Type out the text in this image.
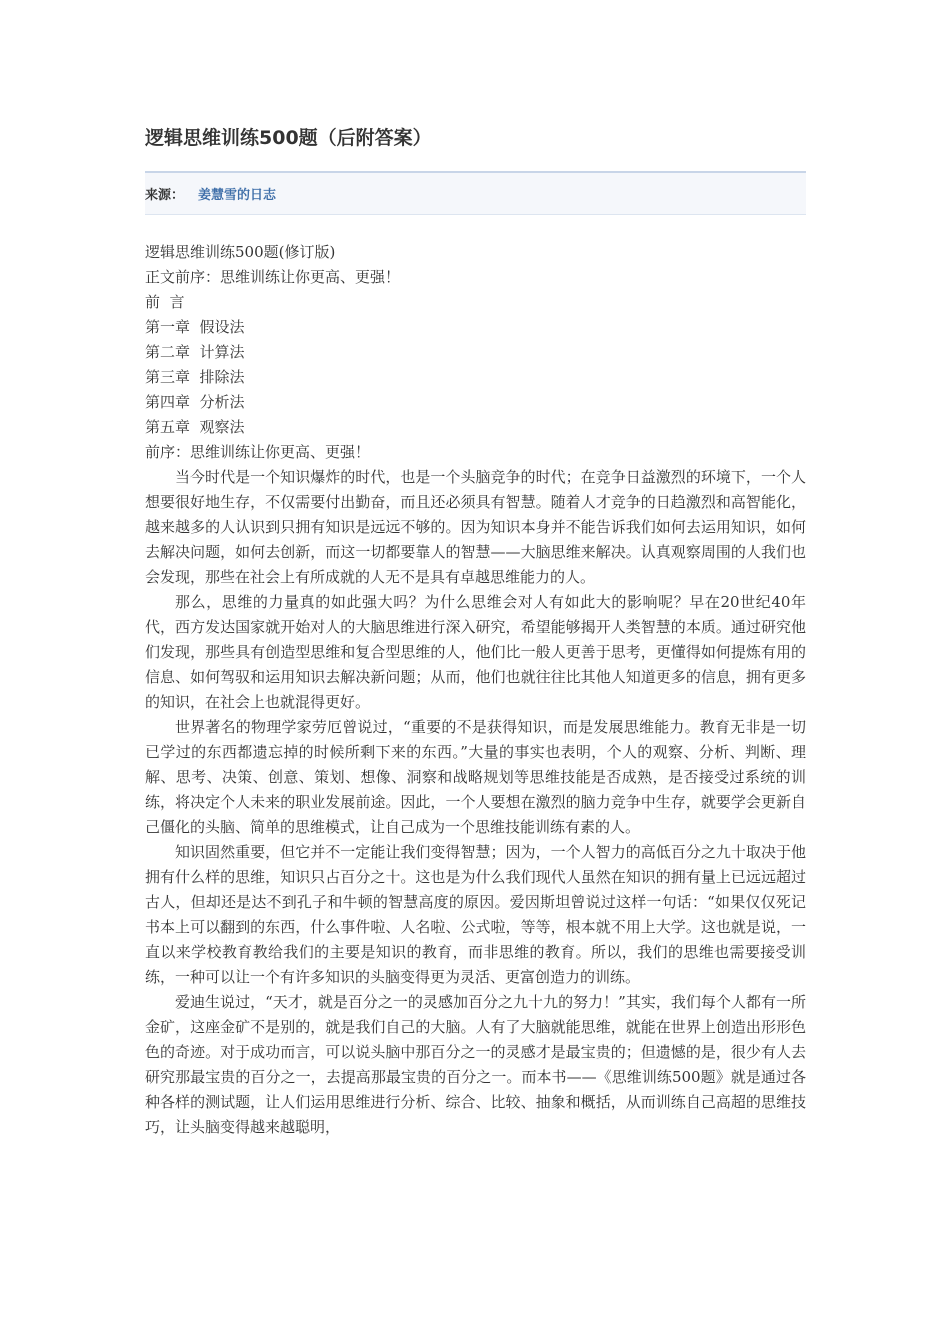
逻辑思维训练500题（后附答案）
来源： 姜慧雪的日志
逻辑思维训练500题(修订版)
正文前序：思维训练让你更高、更强！
前  言
第一章  假设法
第二章  计算法
第三章  排除法
第四章  分析法
第五章  观察法
前序：思维训练让你更高、更强！

当今时代是一个知识爆炸的时代，也是一个头脑竞争的时代；在竞争日益激烈的环境下，一个人想要很好地生存，不仅需要付出勤奋，而且还必须具有智慧。随着人才竞争的日趋激烈和高智能化，越来越多的人认识到只拥有知识是远远不够的。因为知识本身并不能告诉我们如何去运用知识，如何去解决问题，如何去创新，而这一切都要靠人的智慧——大脑思维来解决。认真观察周围的人我们也会发现，那些在社会上有所成就的人无不是具有卓越思维能力的人。

那么，思维的力量真的如此强大吗？为什么思维会对人有如此大的影响呢？早在20世纪40年代，西方发达国家就开始对人的大脑思维进行深入研究，希望能够揭开人类智慧的本质。通过研究他们发现，那些具有创造型思维和复合型思维的人，他们比一般人更善于思考，更懂得如何提炼有用的信息、如何驾驭和运用知识去解决新问题；从而，他们也就往往比其他人知道更多的信息，拥有更多的知识，在社会上也就混得更好。

世界著名的物理学家劳厄曾说过，“重要的不是获得知识，而是发展思维能力。教育无非是一切已学过的东西都遗忘掉的时候所剩下来的东西。”大量的事实也表明，个人的观察、分析、判断、理解、思考、决策、创意、策划、想像、洞察和战略规划等思维技能是否成熟，是否接受过系统的训练，将决定个人未来的职业发展前途。因此，一个人要想在激烈的脑力竞争中生存，就要学会更新自己僵化的头脑、简单的思维模式，让自己成为一个思维技能训练有素的人。

知识固然重要，但它并不一定能让我们变得智慧；因为，一个人智力的高低百分之九十取决于他拥有什么样的思维，知识只占百分之十。这也是为什么我们现代人虽然在知识的拥有量上已远远超过古人，但却还是达不到孔子和牛顿的智慧高度的原因。爱因斯坦曾说过这样一句话：“如果仅仅死记书本上可以翻到的东西，什么事件啦、人名啦、公式啦，等等，根本就不用上大学。这也就是说，一直以来学校教育教给我们的主要是知识的教育，而非思维的教育。所以，我们的思维也需要接受训练，一种可以让一个有许多知识的头脑变得更为灵活、更富创造力的训练。

爱迪生说过，“天才，就是百分之一的灵感加百分之九十九的努力！”其实，我们每个人都有一所金矿，这座金矿不是别的，就是我们自己的大脑。人有了大脑就能思维，就能在世界上创造出形形色色的奇迹。对于成功而言，可以说头脑中那百分之一的灵感才是最宝贵的；但遗憾的是，很少有人去研究那最宝贵的百分之一，去提高那最宝贵的百分之一。而本书——《思维训练500题》就是通过各种各样的测试题，让人们运用思维进行分析、综合、比较、抽象和概括，从而训练自己高超的思维技巧，让头脑变得越来越聪明，
